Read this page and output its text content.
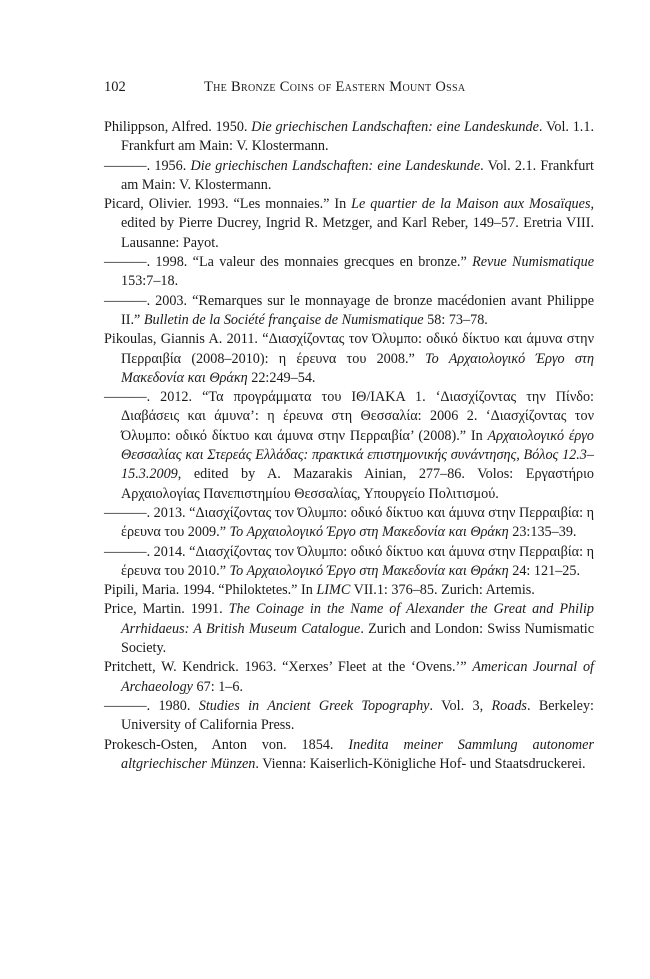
102	The Bronze Coins of Eastern Mount Ossa

Philippson, Alfred. 1950. Die griechischen Landschaften: eine Landeskunde. Vol. 1.1. Frankfurt am Main: V. Klostermann.

———. 1956. Die griechischen Landschaften: eine Landeskunde. Vol. 2.1. Frankfurt am Main: V. Klostermann.

Picard, Olivier. 1993. “Les monnaies.” In Le quartier de la Maison aux Mosaïques, edited by Pierre Ducrey, Ingrid R. Metzger, and Karl Reber, 149–57. Eretria VIII. Lausanne: Payot.

———. 1998. “La valeur des monnaies grecques en bronze.” Revue Numismatique 153:7–18.

———. 2003. “Remarques sur le monnayage de bronze macédonien avant Philippe II.” Bulletin de la Société française de Numismatique 58: 73–78.

Pikoulas, Giannis A. 2011. “Διασχίζοντας τον Όλυμπο: οδικό δίκτυο και άμυνα στην Περραιβία (2008–2010): η έρευνα του 2008.” Το Αρχαιολογικό Έργο στη Μακεδονία και Θράκη 22:249–54.

———. 2012. “Τα προγράμματα του ΙΘ/ΙΑΚΑ 1. ‘Διασχίζοντας την Πίνδο: Διαβάσεις και άμυνα’: η έρευνα στη Θεσσαλία: 2006 2. ‘Διασχίζοντας τον Όλυμπο: οδικό δίκτυο και άμυνα στην Περραιβία’ (2008).” In Αρχαιολογικό έργο Θεσσαλίας και Στερεάς Ελλάδας: πρακτικά επιστημονικής συνάντησης, Βόλος 12.3–15.3.2009, edited by A. Mazarakis Ainian, 277–86. Volos: Εργαστήριο Αρχαιολογίας Πανεπιστημίου Θεσσαλίας, Υπουργείο Πολιτισμού.

———. 2013. “Διασχίζοντας τον Όλυμπο: οδικό δίκτυο και άμυνα στην Περραιβία: η έρευνα του 2009.” Το Αρχαιολογικό Έργο στη Μακεδονία και Θράκη 23:135–39.

———. 2014. “Διασχίζοντας τον Όλυμπο: οδικό δίκτυο και άμυνα στην Περραιβία: η έρευνα του 2010.” Το Αρχαιολογικό Έργο στη Μακεδονία και Θράκη 24: 121–25.

Pipili, Maria. 1994. “Philoktetes.” In LIMC VII.1: 376–85. Zurich: Artemis.

Price, Martin. 1991. The Coinage in the Name of Alexander the Great and Philip Arrhidaeus: A British Museum Catalogue. Zurich and London: Swiss Numismatic Society.

Pritchett, W. Kendrick. 1963. “Xerxes’ Fleet at the ‘Ovens.’” American Journal of Archaeology 67: 1–6.

———. 1980. Studies in Ancient Greek Topography. Vol. 3, Roads. Berkeley: University of California Press.

Prokesch-Osten, Anton von. 1854. Inedita meiner Sammlung autonomer altgriechischer Münzen. Vienna: Kaiserlich-Königliche Hof- und Staatsdruckerei.
